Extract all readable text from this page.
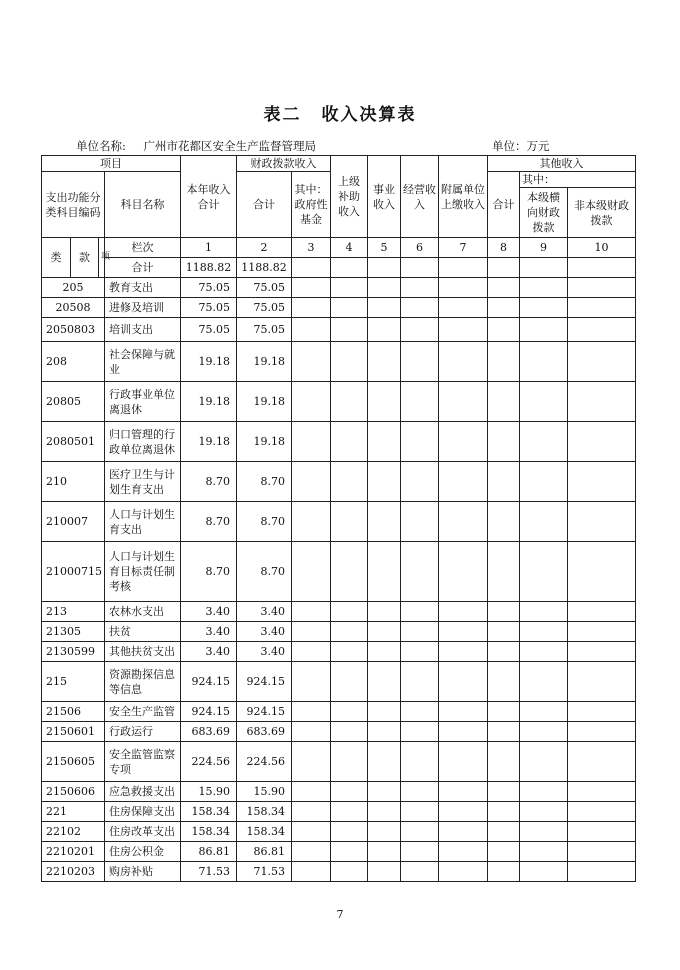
表二 收入决算表
单位名称: 广州市花都区安全生产监督管理局	单位：万元
项目				本年收入合计	财政拨款收入		上级补助收入	事业收入	经营收入	附属单位上缴收入	其他收入		
支出功能分类科目编码			科目名称		合计	其中：政府性基金					合计	其中：	
												本级横向财政拨款	非本级财政拨款
类	款	项	栏次	1	2	3	4	5	6	7	8	9	10
			合计	1188.82	1188.82								
205			教育支出	75.05	75.05								
20508			进修及培训	75.05	75.05								
2050803			培训支出	75.05	75.05								
208			社会保障与就业	19.18	19.18								
20805			行政事业单位离退休	19.18	19.18								
2080501			归口管理的行政单位离退休	19.18	19.18								
210			医疗卫生与计划生育支出	8.70	8.70								
210007			人口与计划生育支出	8.70	8.70								
21000715			人口与计划生育目标责任制考核	8.70	8.70								
213			农林水支出	3.40	3.40								
21305			扶贫	3.40	3.40								
2130599			其他扶贫支出	3.40	3.40								
215			资源勘探信息等信息	924.15	924.15								
21506			安全生产监管	924.15	924.15								
2150601			行政运行	683.69	683.69								
2150605			安全监管监察专项	224.56	224.56								
2150606			应急救援支出	15.90	15.90								
221			住房保障支出	158.34	158.34								
22102			住房改革支出	158.34	158.34								
2210201			住房公积金	86.81	86.81								
2210203			购房补贴	71.53	71.53								
7
